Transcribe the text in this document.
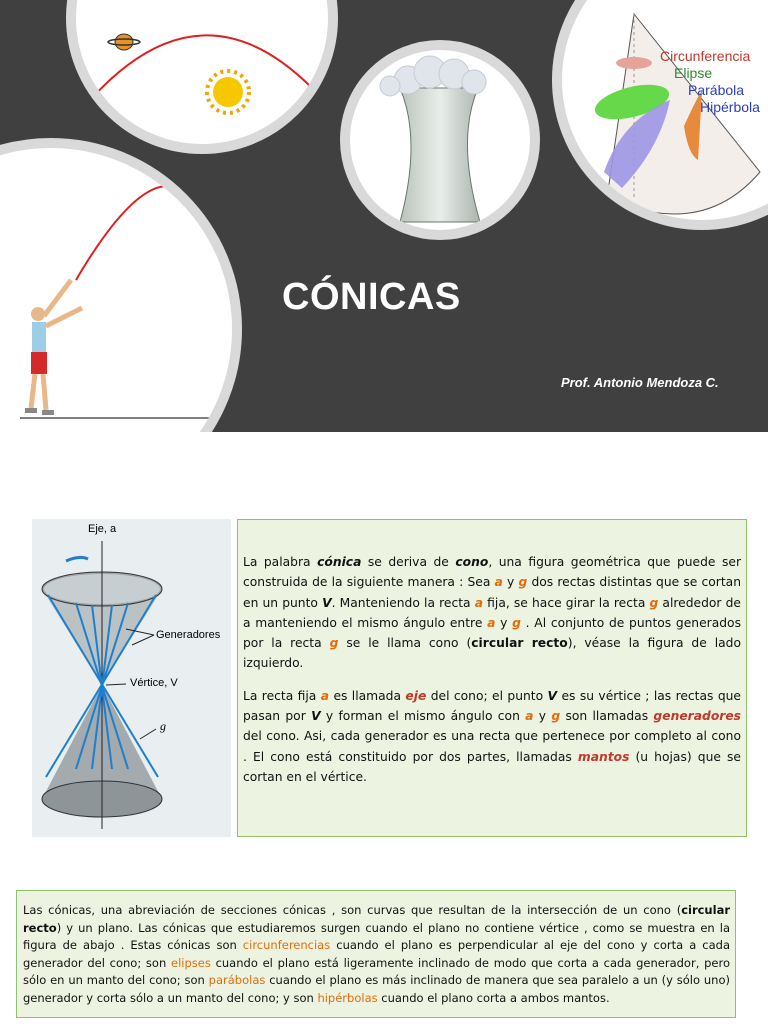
Circunferencia
Elipse
Parábola
Hipérbola
CÓNICAS
Prof. Antonio Mendoza C.
Eje, a
Generadores
Vértice, V
g

La palabra cónica se deriva de cono, una figura geométrica que puede ser construida de la siguiente manera : Sea a y g dos rectas distintas que se cortan en un punto V. Manteniendo la recta a fija, se hace girar la recta g alrededor de a manteniendo el mismo ángulo entre a y g . Al conjunto de puntos generados por la recta g se le llama cono (circular recto), véase la figura de lado izquierdo.

La recta fija a es llamada eje del cono; el punto V es su vértice ; las rectas que pasan por V y forman el mismo ángulo con a y g son llamadas generadores del cono. Asi, cada generador es una recta que pertenece por completo al cono . El cono está constituido por dos partes, llamadas mantos (u hojas) que se cortan en el vértice.

Las cónicas, una abreviación de secciones cónicas , son curvas que resultan de la intersección de un cono (circular recto) y un plano. Las cónicas que estudiaremos surgen cuando el plano no contiene vértice , como se muestra en la figura de abajo . Estas cónicas son circunferencias cuando el plano es perpendicular al eje del cono y corta a cada generador del cono; son elipses cuando el plano está ligeramente inclinado de modo que corta a cada generador, pero sólo en un manto del cono; son parábolas cuando el plano es más inclinado de manera que sea paralelo a un (y sólo uno) generador y corta sólo a un manto del cono; y son hipérbolas cuando el plano corta a ambos mantos.
